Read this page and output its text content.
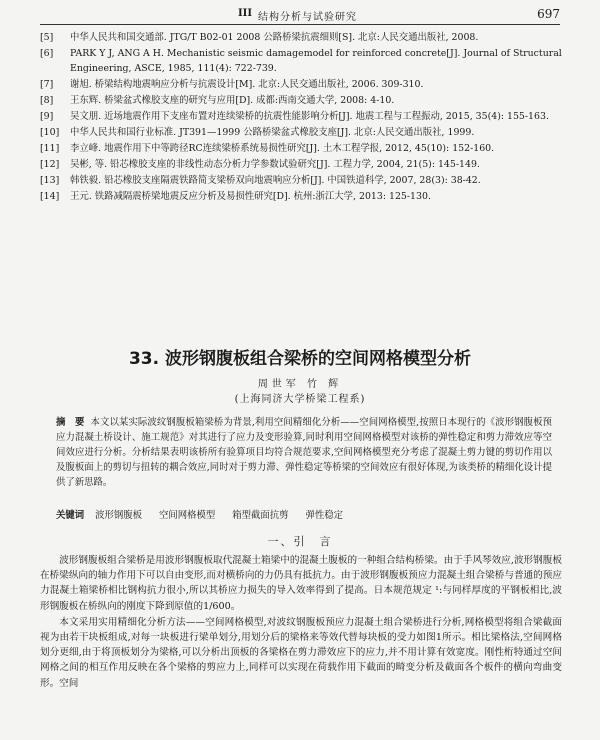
III 结构分析与试验研究	697
[5] 中华人民共和国交通部. JTG/T B02-01 2008 公路桥梁抗震细则[S]. 北京:人民交通出版社, 2008.
[6] PARK Y J, ANG A H. Mechanistic seismic damagemodel for reinforced concrete[J]. Journal of Structural Engineering, ASCE, 1985, 111(4): 722-739.
[7] 谢旭. 桥梁结构地震响应分析与抗震设计[M]. 北京:人民交通出版社, 2006. 309-310.
[8] 王东辉. 桥梁盆式橡胶支座的研究与应用[D]. 成都:西南交通大学, 2008: 4-10.
[9] 吴文朋. 近场地震作用下支座布置对连续梁桥的抗震性能影响分析[J]. 地震工程与工程振动, 2015, 35(4): 155-163.
[10] 中华人民共和国行业标准. JT391—1999 公路桥梁盆式橡胶支座[J]. 北京:人民交通出版社, 1999.
[11] 李立峰. 地震作用下中等跨径RC连续梁桥系统易损性研究[J]. 土木工程学报, 2012, 45(10): 152-160.
[12] 吴彬, 等. 铅芯橡胶支座的非线性动态分析力学参数试验研究[J]. 工程力学, 2004, 21(5): 145-149.
[13] 韩铁毅. 铅芯橡胶支座隔震铁路简支梁桥双向地震响应分析[J]. 中国铁道科学, 2007, 28(3): 38-42.
[14] 王元. 铁路减隔震桥梁地震反应分析及易损性研究[D]. 杭州:浙江大学, 2013: 125-130.
33. 波形钢腹板组合梁桥的空间网格模型分析
周世军 竹 辉
(上海同济大学桥梁工程系)
摘　要 本文以某实际波纹钢腹板箱梁桥为背景,利用空间精细化分析——空间网格模型,按照日本现行的《波形钢腹板预应力混凝土桥设计、施工规范》对其进行了应力及变形验算,同时利用空间网格模型对该桥的弹性稳定和剪力滞效应等空间效应进行分析。分析结果表明该桥所有验算项目均符合规范要求,空间网格模型充分考虑了混凝土剪力键的剪切作用以及腹板面上的剪切与扭转的耦合效应,同时对于剪力滞、弹性稳定等桥梁的空间效应有很好体现,为该类桥的精细化设计提供了新思路。
关键词 波形钢腹板 空间网格模型 箱型截面抗剪 弹性稳定
一、引　言

波形钢腹板组合梁桥是用波形钢腹板取代混凝土箱梁中的混凝土腹板的一种组合结构桥梁。由于手风琴效应,波形钢腹板在桥梁纵向的轴力作用下可以自由变形,而对横桥向的力仍具有抵抗力。由于波形钢腹板预应力混凝土组合梁桥与普通的预应力混凝土箱梁桥相比钢构抗力很小,所以其桥应力损失的导入效率得到了提高。日本规范规定 ¹:与同样厚度的平钢板相比,波形钢腹板在桥纵向的刚度下降到原值的1/600。

本文采用实用精细化分析方法——空间网格模型,对波纹钢腹板预应力混凝土组合梁桥进行分析,网格模型将组合梁截面视为由若干块板组成,对每一块板进行梁单划分,用划分后的梁格来等效代替每块板的受力如图1所示。相比梁格法,空间网格划分更细,由于将顶板划分为梁格,可以分析出顶板的各梁格在剪力滞效应下的应力,并不用计算有效宽度。刚性桁特通过空间网格之间的相互作用反映在各个梁格的剪应力上,同样可以实现在荷载作用下截面的畸变分析及截面各个板件的横向弯曲变形。空间
